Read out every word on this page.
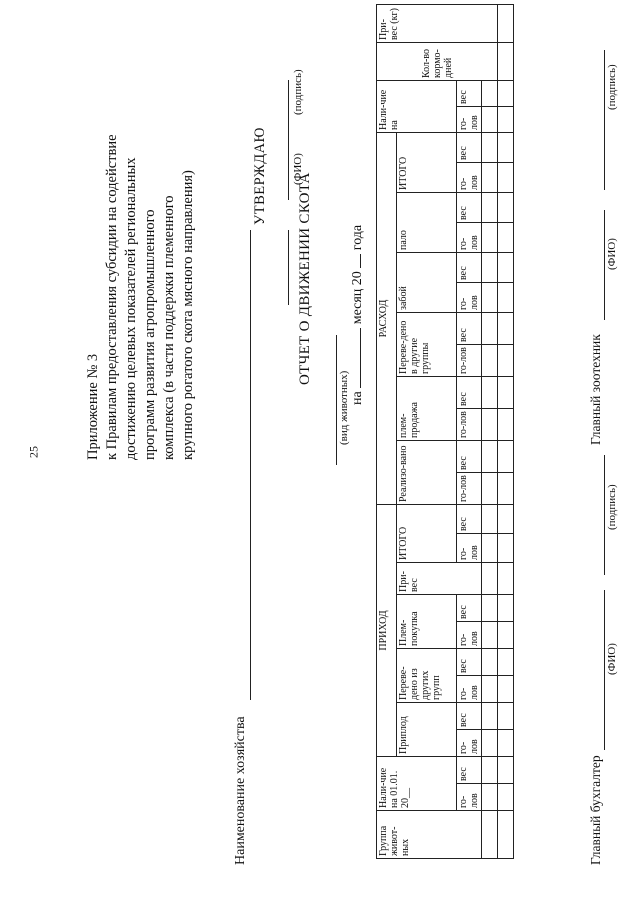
25	Приложение № 3 к Правилам предоставления субсидии на содействие достижению целевых показателей региональных программ развития агропромышленного комплекса (в части поддержки племенного крупного рогатого скота мясного направления)	УТВЕРЖДАЮ (ФИО)
(подпись)
ОТЧЕТ О ДВИЖЕНИИ СКОТА
(вид животных) на  месяц 20  года
Наименование хозяйства	Группа живот-ных	Нали-чие на 01.01. 20__		ПРИХОД									РАСХОД												Нали-чие на		Кол-во кормо-дней	При-вес (кг)
			Приплод		Переве-дено из других групп		Плем-покупка		При-вес	ИТОГО		Реализо-вано		плем-продажа		Переве-дено в другие группы		забой		пало		ИТОГО					
	го-лов	вес	го-лов	вес	го-лов	вес	го-лов	вес		го-лов	вес	го-лов	вес	го-лов	вес	го-лов	вес	го-лов	вес	го-лов	вес	го-лов	вес	го-лов	вес		

Главный бухгалтер
(ФИО)
(подпись)
Главный зоотехник
(ФИО)
(подпись)
